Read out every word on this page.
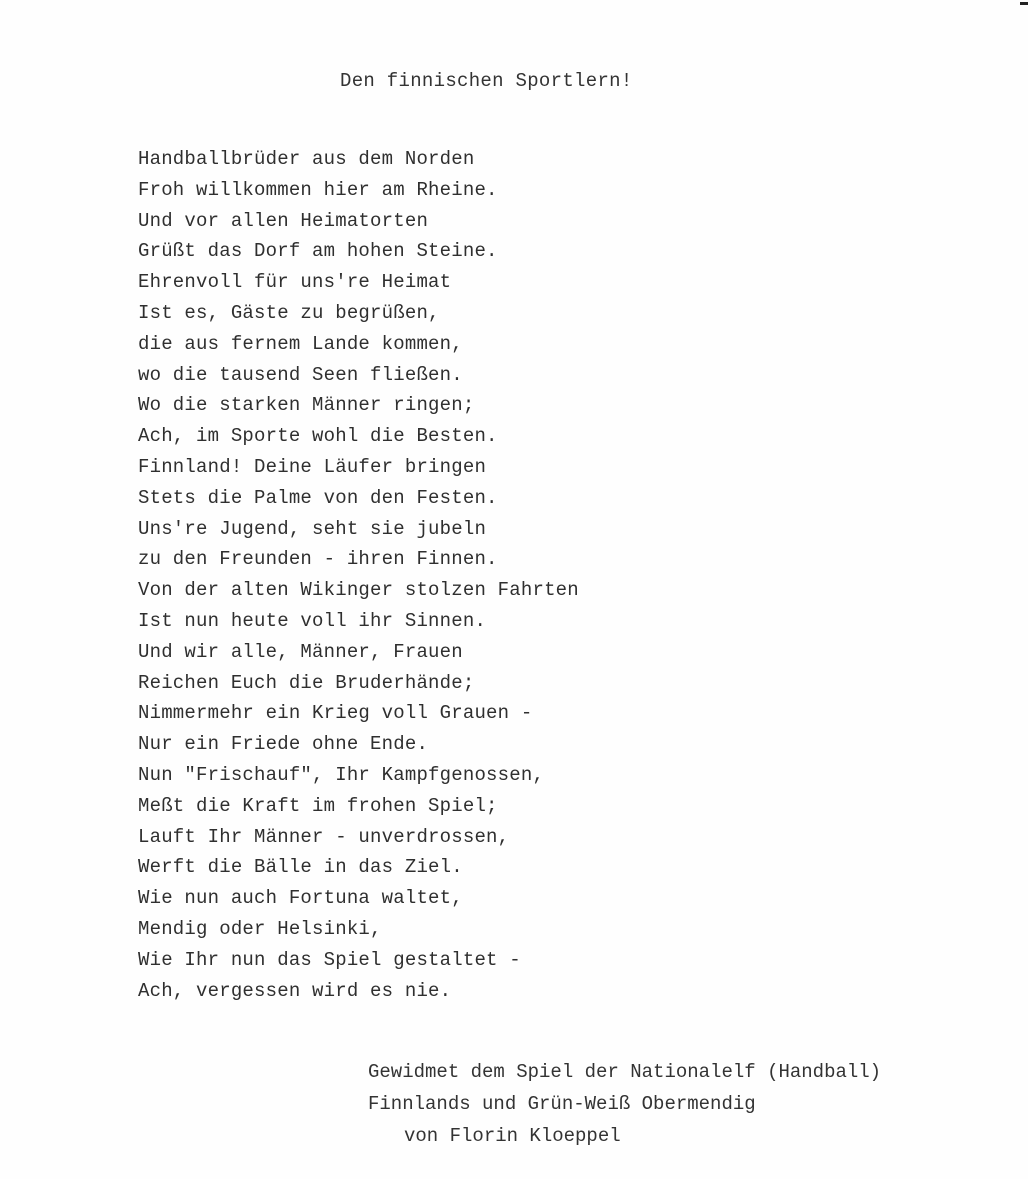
Den finnischen Sportlern!
Handballbrüder aus dem Norden
Froh willkommen hier am Rheine.
Und vor allen Heimatorten
Grüßt das Dorf am hohen Steine.
Ehrenvoll für uns're Heimat
Ist es, Gäste zu begrüßen,
die aus fernem Lande kommen,
wo die tausend Seen fließen.
Wo die starken Männer ringen;
Ach, im Sporte wohl die Besten.
Finnland! Deine Läufer bringen
Stets die Palme von den Festen.
Uns're Jugend, seht sie jubeln
zu den Freunden - ihren Finnen.
Von der alten Wikinger stolzen Fahrten
Ist nun heute voll ihr Sinnen.
Und wir alle, Männer, Frauen
Reichen Euch die Bruderhände;
Nimmermehr ein Krieg voll Grauen -
Nur ein Friede ohne Ende.
Nun "Frischauf", Ihr Kampfgenossen,
Meßt die Kraft im frohen Spiel;
Lauft Ihr Männer - unverdrossen,
Werft die Bälle in das Ziel.
Wie nun auch Fortuna waltet,
Mendig oder Helsinki,
Wie Ihr nun das Spiel gestaltet -
Ach, vergessen wird es nie.
Gewidmet dem Spiel der Nationalelf (Handball)
Finnlands und Grün-Weiß Obermendig
von Florin Kloeppel
